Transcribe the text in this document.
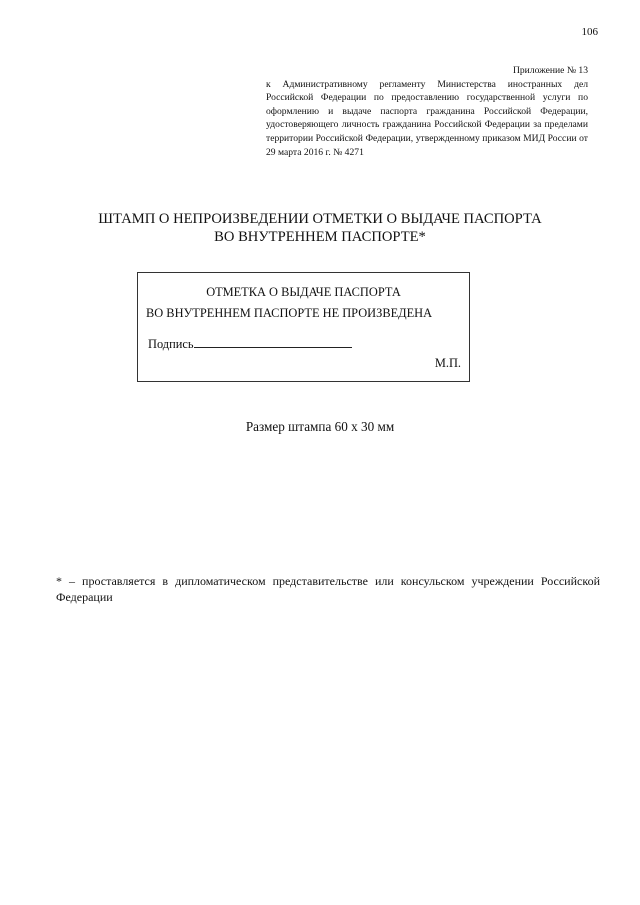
106
Приложение № 13
к Административному регламенту Министерства иностранных дел Российской Федерации по предоставлению государственной услуги по оформлению и выдаче паспорта гражданина Российской Федерации, удостоверяющего личность гражданина Российской Федерации за пределами территории Российской Федерации, утвержденному приказом МИД России от 29 марта 2016 г. № 4271
ШТАМП О НЕПРОИЗВЕДЕНИИ ОТМЕТКИ О ВЫДАЧЕ ПАСПОРТА
ВО ВНУТРЕННЕМ ПАСПОРТЕ*
ОТМЕТКА О ВЫДАЧЕ ПАСПОРТА
ВО ВНУТРЕННЕМ ПАСПОРТЕ НЕ ПРОИЗВЕДЕНА
Подпись
М.П.
Размер штампа 60 х 30 мм
* – проставляется в дипломатическом представительстве или консульском учреждении Российской Федерации
